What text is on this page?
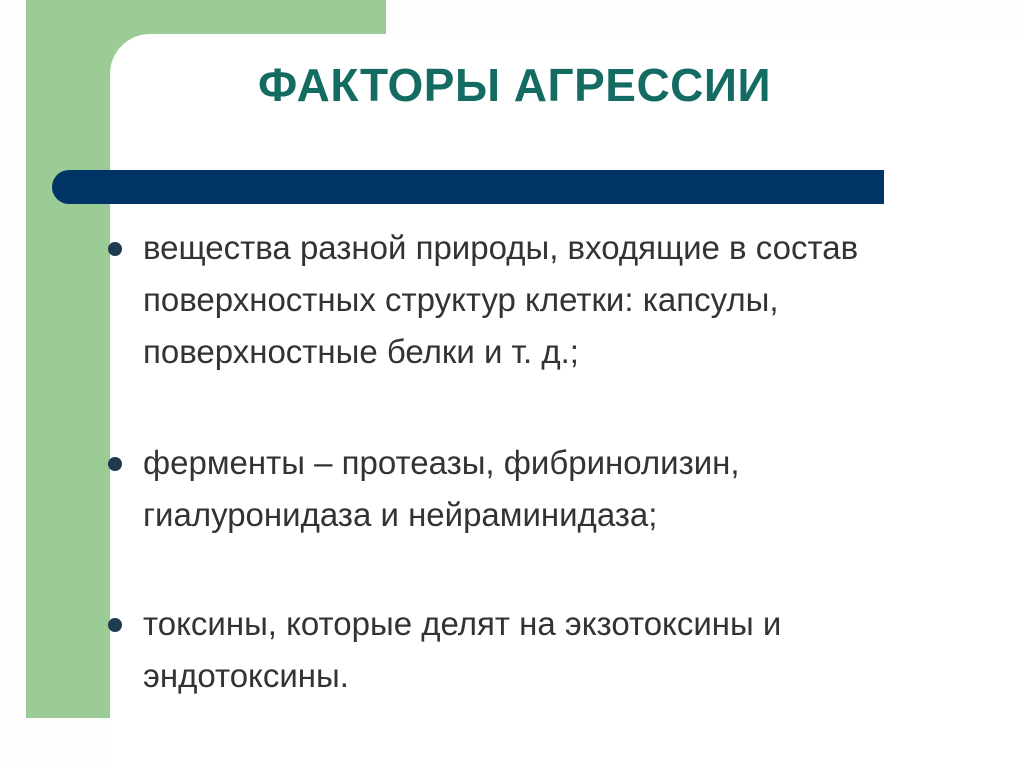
ФАКТОРЫ АГРЕССИИ
вещества разной природы, входящие в состав поверхностных структур клетки: капсулы, поверхностные белки и т. д.;
ферменты – протеазы, фибринолизин, гиалуронидаза и нейраминидаза;
токсины, которые делят на экзотоксины и эндотоксины.
